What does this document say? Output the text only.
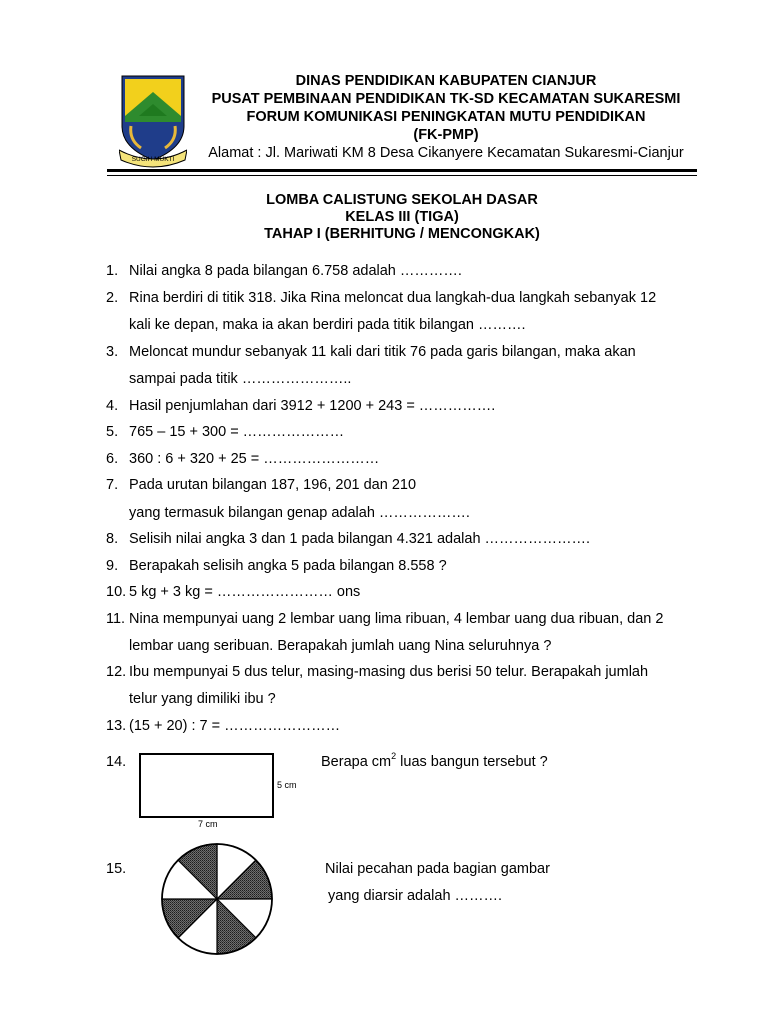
SUGIH MUKTI
DINAS PENDIDIKAN KABUPATEN CIANJUR
PUSAT PEMBINAAN PENDIDIKAN TK-SD KECAMATAN SUKARESMI
FORUM KOMUNIKASI PENINGKATAN MUTU PENDIDIKAN
(FK-PMP)
Alamat : Jl. Mariwati KM 8 Desa Cikanyere Kecamatan Sukaresmi-Cianjur
LOMBA CALISTUNG SEKOLAH DASAR
KELAS III (TIGA)
TAHAP I (BERHITUNG / MENCONGKAK)
1. Nilai angka 8 pada bilangan 6.758 adalah ………….
2. Rina berdiri di titik 318. Jika Rina meloncat dua langkah-dua langkah sebanyak 12
kali ke depan, maka ia akan berdiri pada titik bilangan ……….
3. Meloncat mundur sebanyak 11 kali dari titik 76 pada garis bilangan, maka akan
sampai pada titik …………………..
4. Hasil penjumlahan dari 3912 + 1200 + 243 = …………….
5. 765 – 15 + 300 = …………………
6. 360 : 6 + 320 + 25 = ……………………
7. Pada urutan bilangan 187, 196, 201 dan 210
yang termasuk bilangan genap adalah ……………….
8. Selisih nilai angka 3 dan 1 pada bilangan 4.321 adalah ………………….
9. Berapakah selisih angka 5 pada bilangan 8.558 ?
10. 5 kg + 3 kg = …………………… ons
11. Nina mempunyai uang 2 lembar uang lima ribuan, 4 lembar uang dua ribuan, dan 2
lembar uang seribuan. Berapakah jumlah uang Nina seluruhnya ?
12. Ibu mempunyai 5 dus telur, masing-masing dus berisi 50 telur. Berapakah jumlah
telur yang dimiliki ibu ?
13. (15 + 20) : 7 = ……………………
14.
5 cm
7 cm
Berapa $cm^2$ luas bangun tersebut ?
15.	Nilai pecahan pada bagian gambar
yang diarsir adalah ……….
